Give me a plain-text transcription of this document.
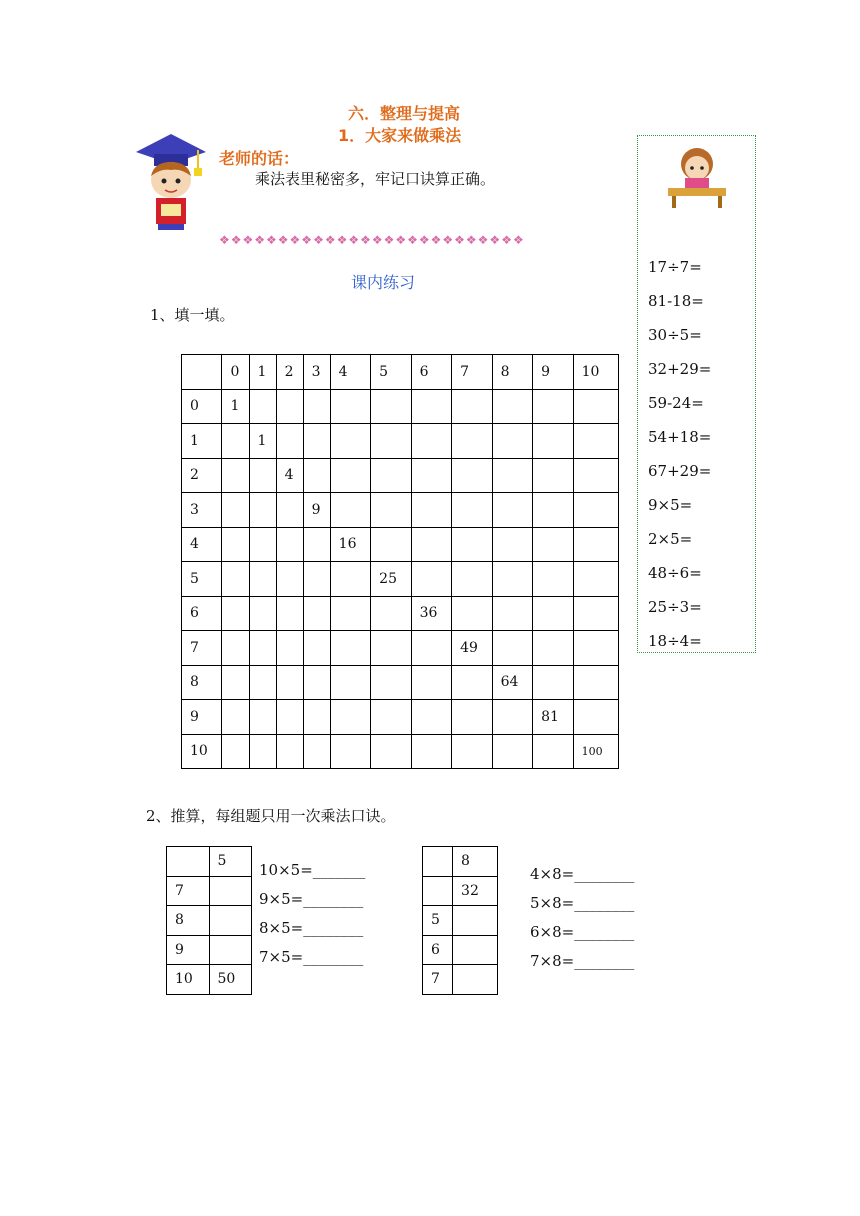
六．整理与提高
1．大家来做乘法
老师的话：
乘法表里秘密多，牢记口诀算正确。
❖❖❖❖❖❖❖❖❖❖❖❖❖❖❖❖❖❖❖❖❖❖❖❖❖❖
课内练习
1、填一填。
	0	1	2	3	4	5	6	7	8	9	10
0	1										
1		1									
2			4								
3				9							
4					16						
5						25					
6							36				
7								49			
8									64		
9										81	
10											100
2、推算，每组题只用一次乘法口诀。
	5
7	
8	
9	
10	50
10×5=_______
9×5=________
8×5=________
7×5=________
	8
	32
5	
6	
7	
4×8=________
5×8=________
6×8=________
7×8=________
17÷7=
81-18=
30÷5=
32+29=
59-24=
54+18=
67+29=
9×5=
2×5=
48÷6=
25÷3=
18÷4=
